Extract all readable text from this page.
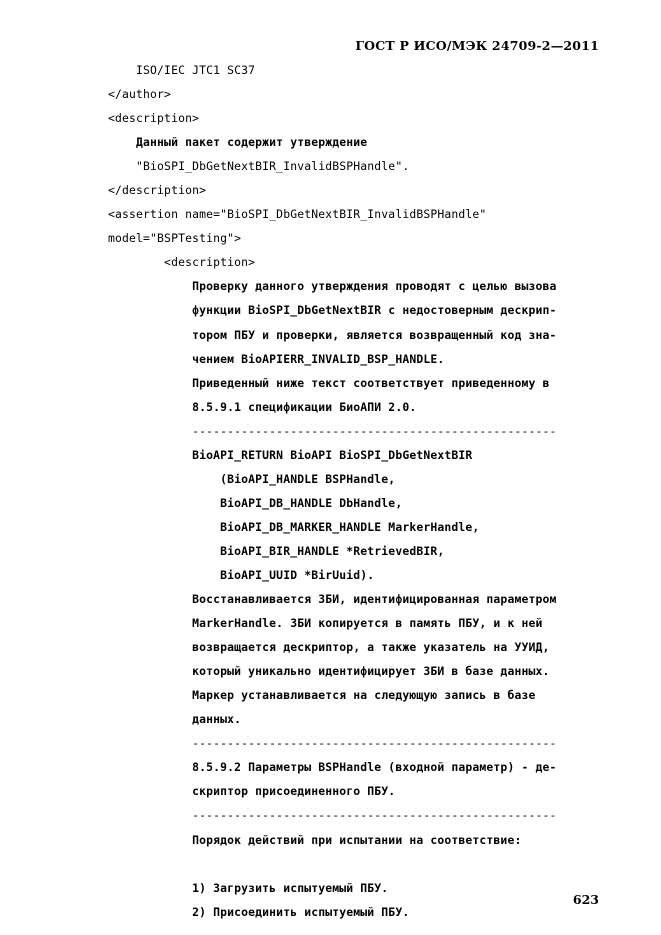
ГОСТ Р ИСО/МЭК 24709-2—2011
ISO/IEC JTC1 SC37
</author>
<description>
Данный пакет содержит утверждение
"BioSPI_DbGetNextBIR_InvalidBSPHandle".
</description>
<assertion name="BioSPI_DbGetNextBIR_InvalidBSPHandle"
model="BSPTesting">
<description>
Проверку данного утверждения проводят с целью вызова
функции BioSPI_DbGetNextBIR с недостоверным дескрип-
тором ПБУ и проверки, является возвращенный код зна-
чением BioAPIERR_INVALID_BSP_HANDLE.
Приведенный ниже текст соответствует приведенному в
8.5.9.1 спецификации БиоАПИ 2.0.
----------------------------------------------------
BioAPI_RETURN BioAPI BioSPI_DbGetNextBIR
(BioAPI_HANDLE BSPHandle,
BioAPI_DB_HANDLE DbHandle,
BioAPI_DB_MARKER_HANDLE MarkerHandle,
BioAPI_BIR_HANDLE *RetrievedBIR,
BioAPI_UUID *BirUuid).
Восстанавливается ЗБИ, идентифицированная параметром
MarkerHandle. ЗБИ копируется в память ПБУ, и к ней
возвращается дескриптор, а также указатель на УУИД,
который уникально идентифицирует ЗБИ в базе данных.
Маркер устанавливается на следующую запись в базе
данных.
----------------------------------------------------
8.5.9.2 Параметры BSPHandle (входной параметр) - де-
скриптор присоединенного ПБУ.
----------------------------------------------------
Порядок действий при испытании на соответствие:

1) Загрузить испытуемый ПБУ.
2) Присоединить испытуемый ПБУ.
623
